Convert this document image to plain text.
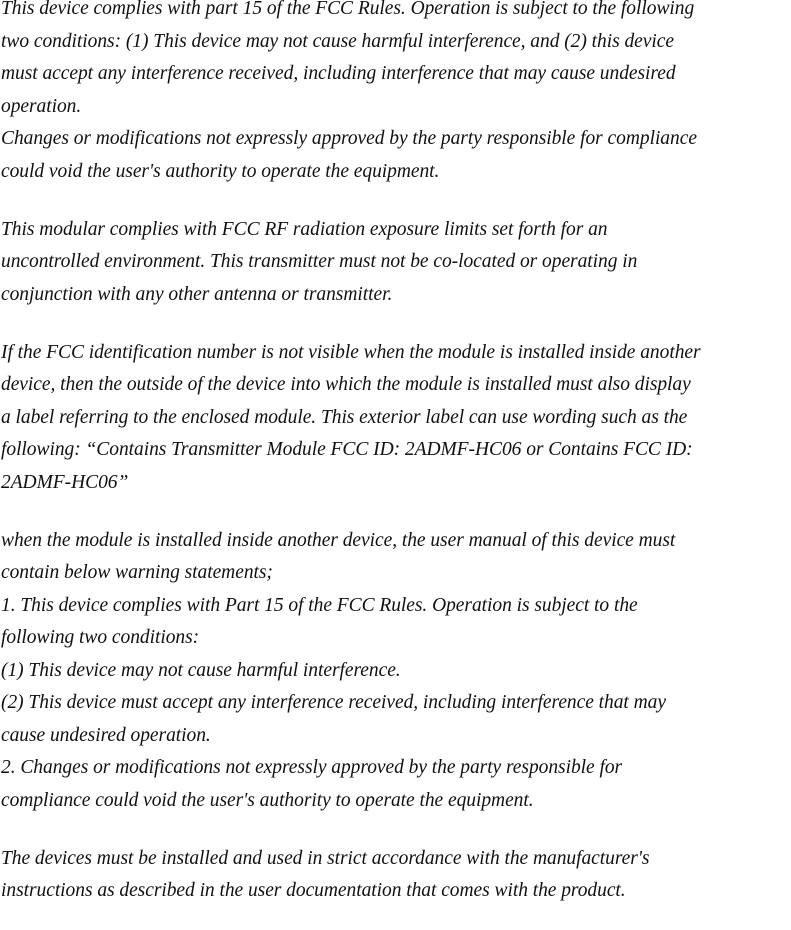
This device complies with part 15 of the FCC Rules. Operation is subject to the following
two conditions: (1) This device may not cause harmful interference, and (2) this device
must accept any interference received, including interference that may cause undesired
operation.
Changes or modifications not expressly approved by the party responsible for compliance
could void the user's authority to operate the equipment.
This modular complies with FCC RF radiation exposure limits set forth for an
uncontrolled environment. This transmitter must not be co-located or operating in
conjunction with any other antenna or transmitter.
If the FCC identification number is not visible when the module is installed inside another
device, then the outside of the device into which the module is installed must also display
a label referring to the enclosed module. This exterior label can use wording such as the
following: “Contains Transmitter Module FCC ID: 2ADMF-HC06 or Contains FCC ID:
2ADMF-HC06”
when the module is installed inside another device, the user manual of this device must
contain below warning statements;
1. This device complies with Part 15 of the FCC Rules. Operation is subject to the
following two conditions:
(1) This device may not cause harmful interference.
(2) This device must accept any interference received, including interference that may
cause undesired operation.
2. Changes or modifications not expressly approved by the party responsible for
compliance could void the user's authority to operate the equipment.
The devices must be installed and used in strict accordance with the manufacturer's
instructions as described in the user documentation that comes with the product.
